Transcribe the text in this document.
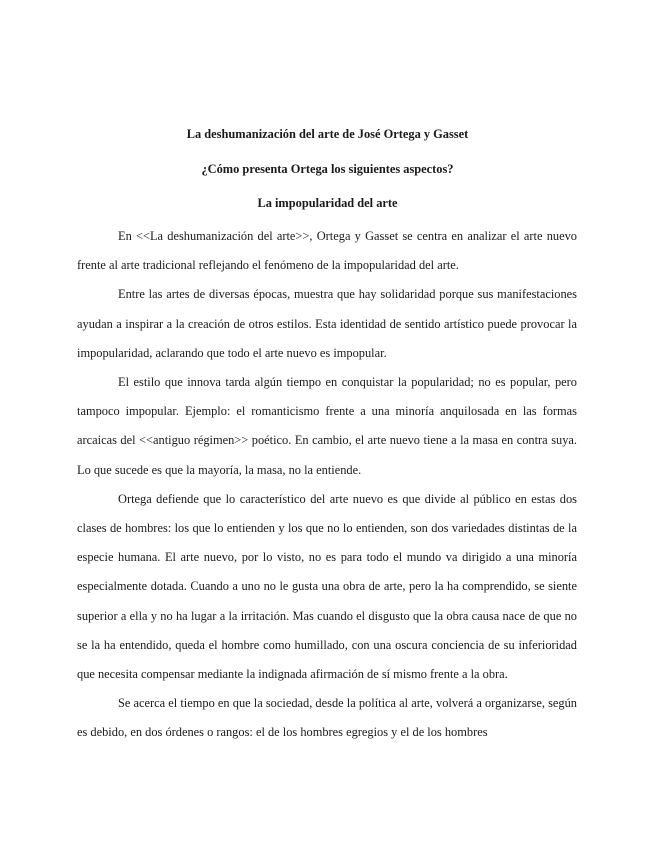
La deshumanización del arte de José Ortega y Gasset
¿Cómo presenta Ortega los siguientes aspectos?
La impopularidad del arte

En <<La deshumanización del arte>>, Ortega y Gasset se centra en analizar el arte nuevo frente al arte tradicional reflejando el fenómeno de la impopularidad del arte.

Entre las artes de diversas épocas, muestra que hay solidaridad porque sus manifestaciones ayudan a inspirar a la creación de otros estilos. Esta identidad de sentido artístico puede provocar la impopularidad, aclarando que todo el arte nuevo es impopular.

El estilo que innova tarda algún tiempo en conquistar la popularidad; no es popular, pero tampoco impopular. Ejemplo: el romanticismo frente a una minoría anquilosada en las formas arcaicas del <<antiguo régimen>> poético. En cambio, el arte nuevo tiene a la masa en contra suya. Lo que sucede es que la mayoría, la masa, no la entiende.

Ortega defiende que lo característico del arte nuevo es que divide al público en estas dos clases de hombres: los que lo entienden y los que no lo entienden, son dos variedades distintas de la especie humana. El arte nuevo, por lo visto, no es para todo el mundo va dirigido a una minoría especialmente dotada. Cuando a uno no le gusta una obra de arte, pero la ha comprendido, se siente superior a ella y no ha lugar a la irritación. Mas cuando el disgusto que la obra causa nace de que no se la ha entendido, queda el hombre como humillado, con una oscura conciencia de su inferioridad que necesita compensar mediante la indignada afirmación de sí mismo frente a la obra.

Se acerca el tiempo en que la sociedad, desde la política al arte, volverá a organizarse, según es debido, en dos órdenes o rangos: el de los hombres egregios y el de los hombres
